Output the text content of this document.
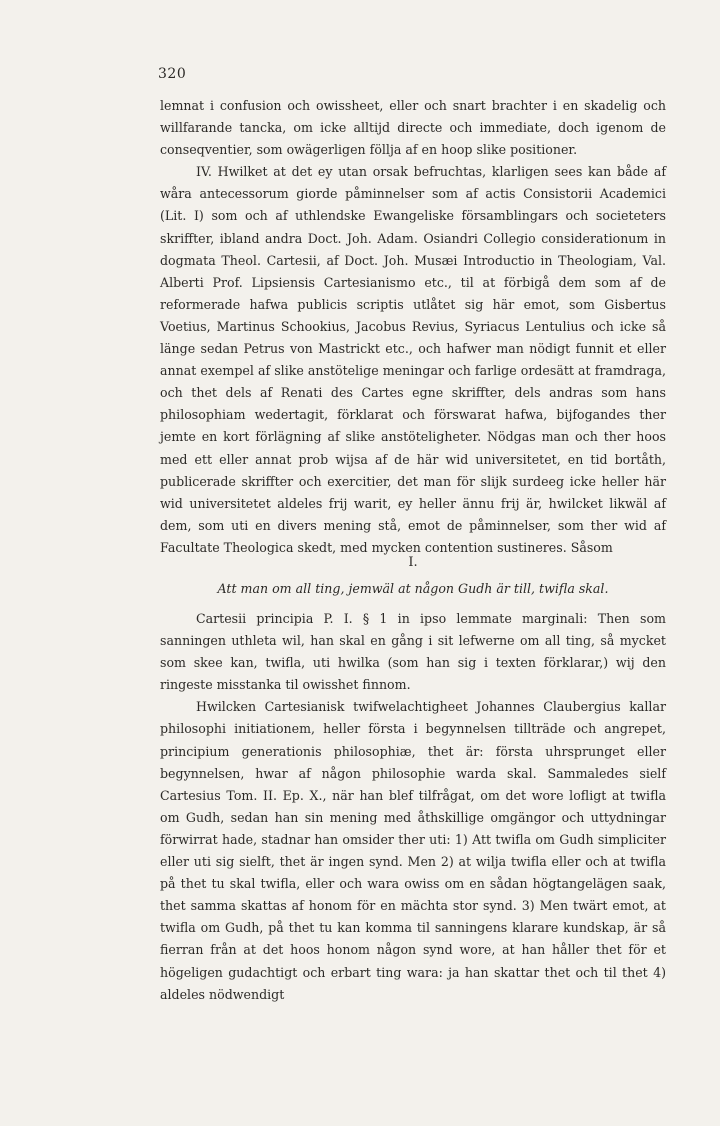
320

lemnat i confusion och owissheet, eller och snart brachter i en skadelig och willfarande tancka, om icke alltijd directe och immediate, doch igenom de conseqventier, som owägerligen föllja af en hoop slike positioner.

IV. Hwilket at det ey utan orsak befruchtas, klarligen sees kan både af wåra antecessorum giorde påminnelser som af actis Consistorii Academici (Lit. I) som och af uthlendske Ewangeliske församblingars och societeters skriffter, ibland andra Doct. Joh. Adam. Osiandri Collegio considerationum in dogmata Theol. Cartesii, af Doct. Joh. Musæi Introductio in Theologiam, Val. Alberti Prof. Lipsiensis Cartesianismo etc., til at förbigå dem som af de reformerade hafwa publicis scriptis utlåtet sig här emot, som Gisbertus Voetius, Martinus Schookius, Jacobus Revius, Syriacus Lentulius och icke så länge sedan Petrus von Mastrickt etc., och hafwer man nödigt funnit et eller annat exempel af slike anstötelige meningar och farlige ordesätt at framdraga, och thet dels af Renati des Cartes egne skriffter, dels andras som hans philosophiam wedertagit, förklarat och förswarat hafwa, bijfogandes ther jemte en kort förlägning af slike anstöteligheter. Nödgas man och ther hoos med ett eller annat prob wijsa af de här wid universitetet, en tid bortåth, publicerade skriffter och exercitier, det man för slijk surdeeg icke heller här wid universitetet aldeles frij warit, ey heller ännu frij är, hwilcket likwäl af dem, som uti en divers mening stå, emot de påminnelser, som ther wid af Facultate Theologica skedt, med mycken contention sustineres. Såsom

I.
Att man om all ting, jemwäl at någon Gudh är till, twifla skal.

Cartesii principia P. I. § 1 in ipso lemmate marginali: Then som sanningen uthleta wil, han skal en gång i sit lefwerne om all ting, så mycket som skee kan, twifla, uti hwilka (som han sig i texten förklarar,) wij den ringeste misstanka til owisshet finnom.

Hwilcken Cartesianisk twifwelachtigheet Johannes Claubergius kallar philosophi initiationem, heller första i begynnelsen tillträde och angrepet, principium generationis philosophiæ, thet är: första uhrsprunget eller begynnelsen, hwar af någon philosophie warda skal. Sammaledes sielf Cartesius Tom. II. Ep. X., när han blef tilfrågat, om det wore lofligt at twifla om Gudh, sedan han sin mening med åthskillige omgängor och uttydningar förwirrat hade, stadnar han omsider ther uti: 1) Att twifla om Gudh simpliciter eller uti sig sielft, thet är ingen synd. Men 2) at wilja twifla eller och at twifla på thet tu skal twifla, eller och wara owiss om en sådan högtangelägen saak, thet samma skattas af honom för en mächta stor synd. 3) Men twärt emot, at twifla om Gudh, på thet tu kan komma til sanningens klarare kundskap, är så fierran från at det hoos honom någon synd wore, at han håller thet för et högeligen gudachtigt och erbart ting wara: ja han skattar thet och til thet 4) aldeles nödwendigt
